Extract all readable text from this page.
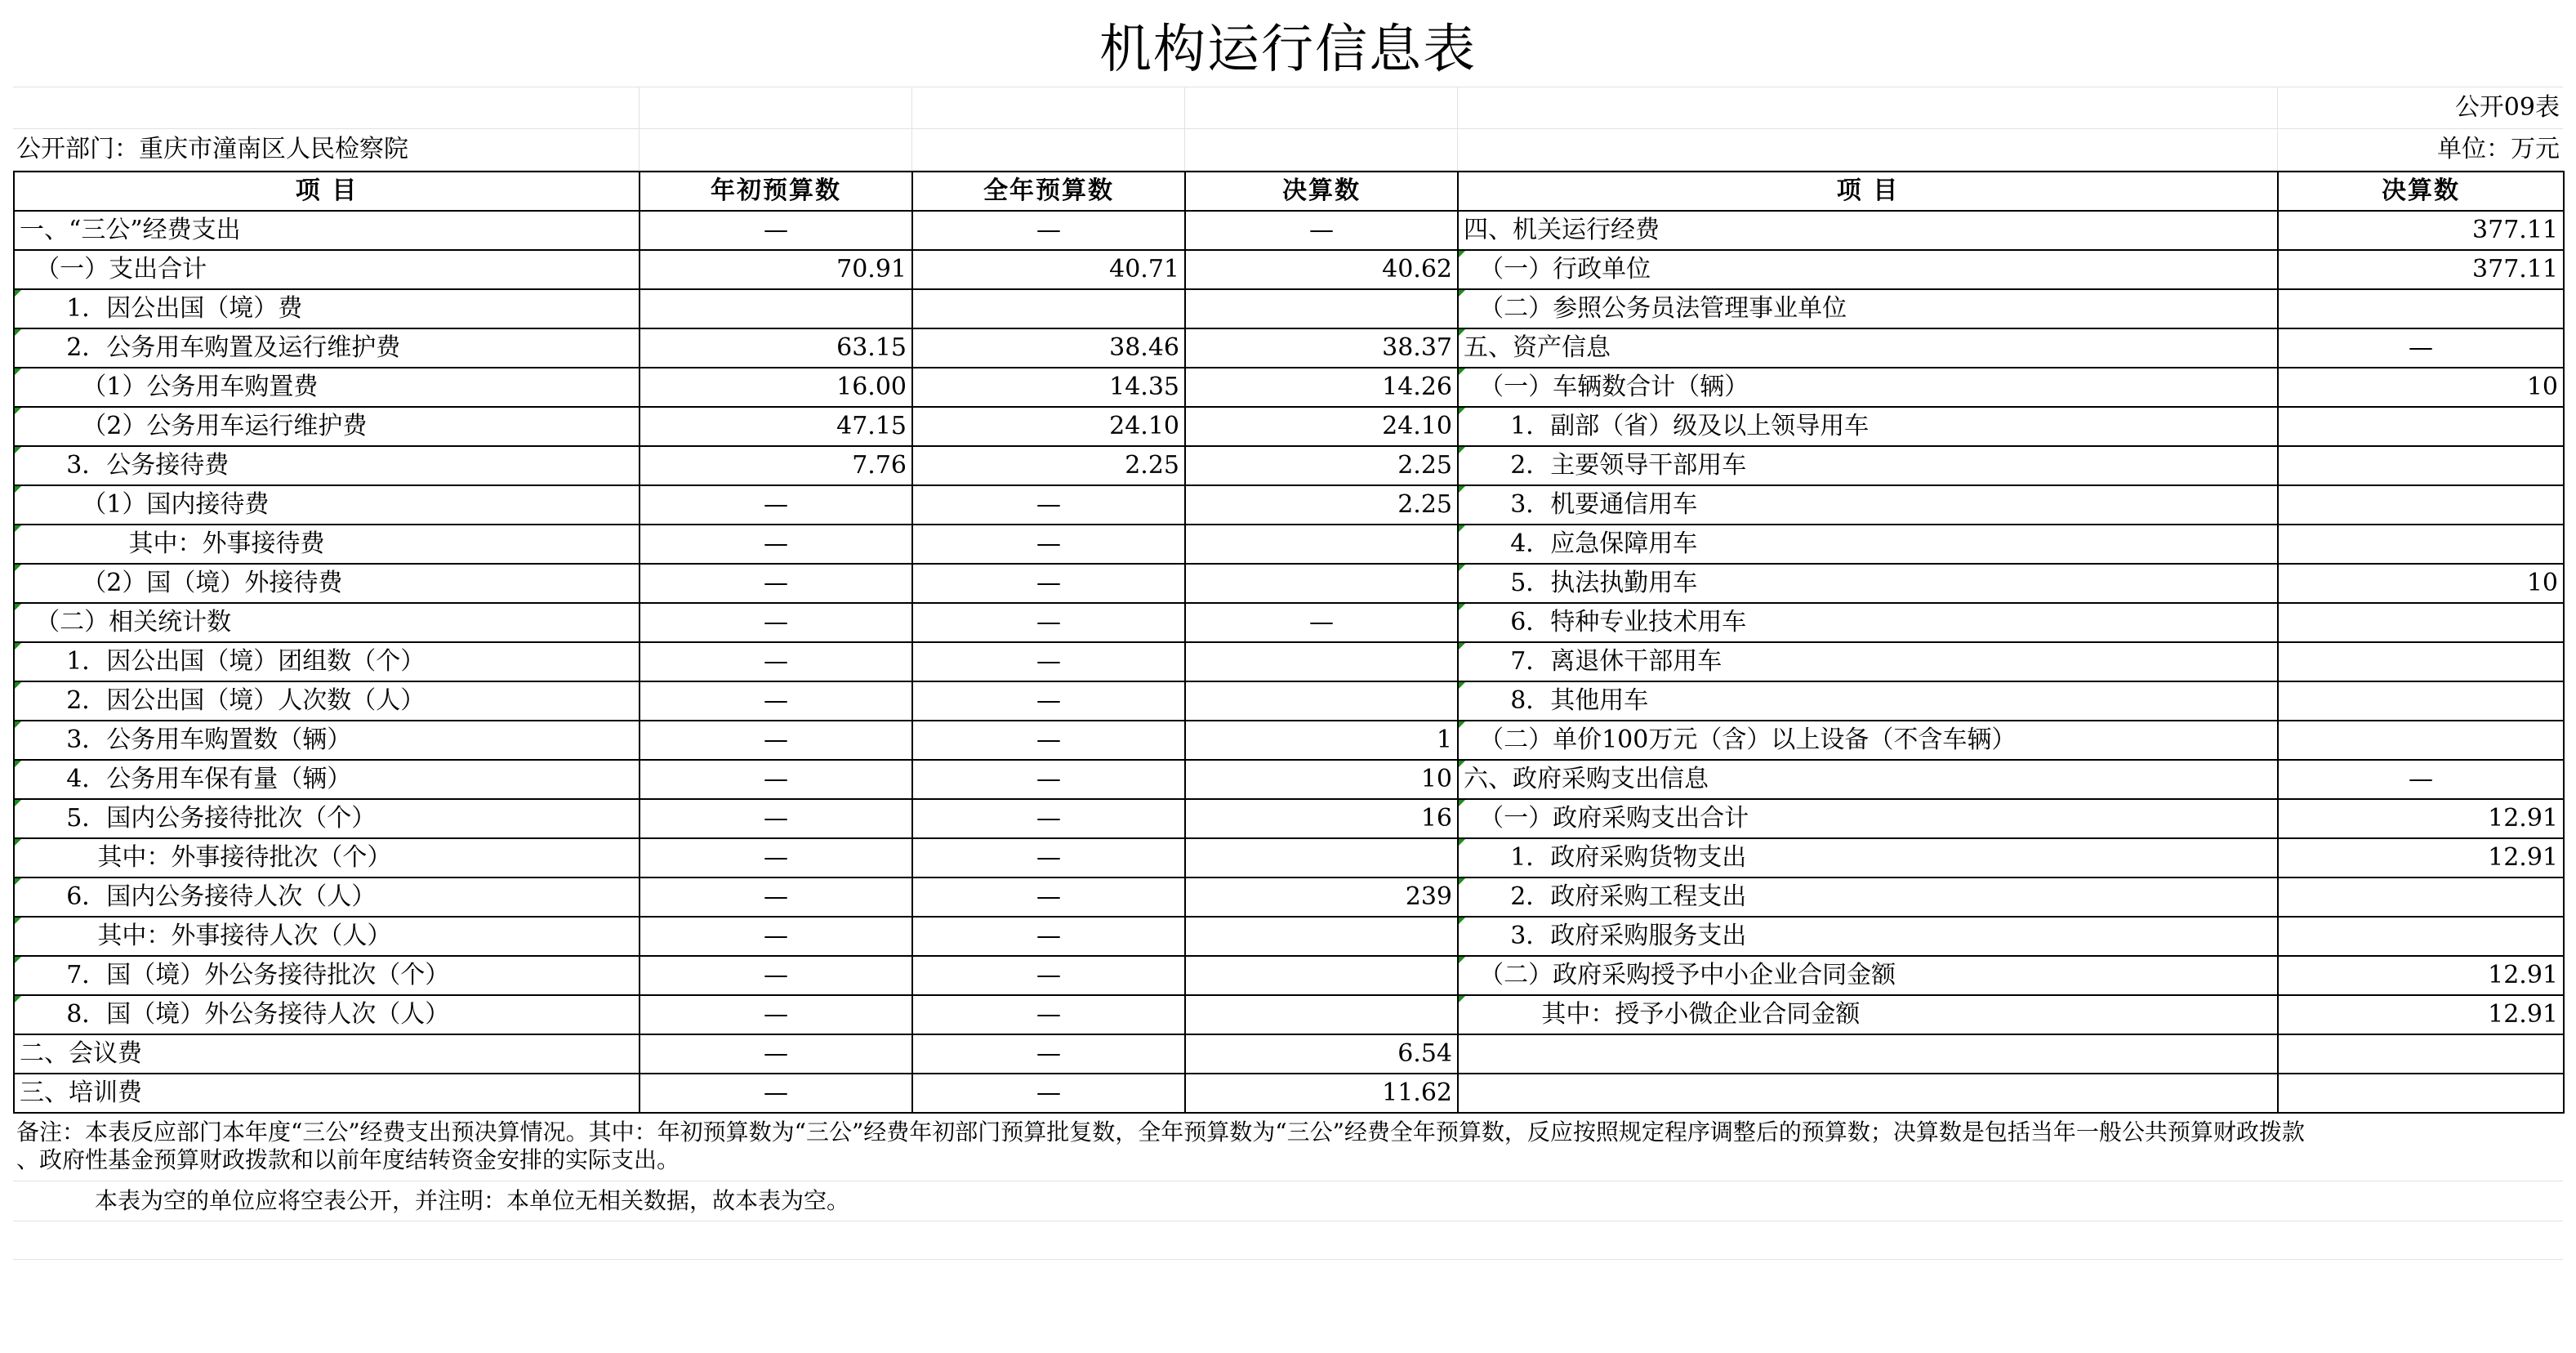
机构运行信息表
公开09表
公开部门：重庆市潼南区人民检察院	单位：万元
项 目	年初预算数	全年预算数	决算数	项 目	决算数
一、“三公”经费支出	—	—	—	四、机关运行经费	377.11
（一）支出合计	70.91	40.71	40.62	（一）行政单位	377.11
1．因公出国（境）费				（二）参照公务员法管理事业单位	
2．公务用车购置及运行维护费	63.15	38.46	38.37	五、资产信息	—
（1）公务用车购置费	16.00	14.35	14.26	（一）车辆数合计（辆）	10
（2）公务用车运行维护费	47.15	24.10	24.10	1．副部（省）级及以上领导用车	
3．公务接待费	7.76	2.25	2.25	2．主要领导干部用车	
（1）国内接待费	—	—	2.25	3．机要通信用车	
其中：外事接待费	—	—		4．应急保障用车	
（2）国（境）外接待费	—	—		5．执法执勤用车	10
（二）相关统计数	—	—	—	6．特种专业技术用车	
1．因公出国（境）团组数（个）	—	—		7．离退休干部用车	
2．因公出国（境）人次数（人）	—	—		8．其他用车	
3．公务用车购置数（辆）	—	—	1	（二）单价100万元（含）以上设备（不含车辆）	
4．公务用车保有量（辆）	—	—	10	六、政府采购支出信息	—
5．国内公务接待批次（个）	—	—	16	（一）政府采购支出合计	12.91
其中：外事接待批次（个）	—	—		1．政府采购货物支出	12.91
6．国内公务接待人次（人）	—	—	239	2．政府采购工程支出	
其中：外事接待人次（人）	—	—		3．政府采购服务支出	
7．国（境）外公务接待批次（个）	—	—		（二）政府采购授予中小企业合同金额	12.91
8．国（境）外公务接待人次（人）	—	—		其中：授予小微企业合同金额	12.91
二、会议费	—	—	6.54		
三、培训费	—	—	11.62		
备注：本表反应部门本年度“三公”经费支出预决算情况。其中：年初预算数为“三公”经费年初部门预算批复数，全年预算数为“三公”经费全年预算数，反应按照规定程序调整后的预算数；决算数是包括当年一般公共预算财政拨款
、政府性基金预算财政拨款和以前年度结转资金安排的实际支出。
本表为空的单位应将空表公开，并注明：本单位无相关数据，故本表为空。
